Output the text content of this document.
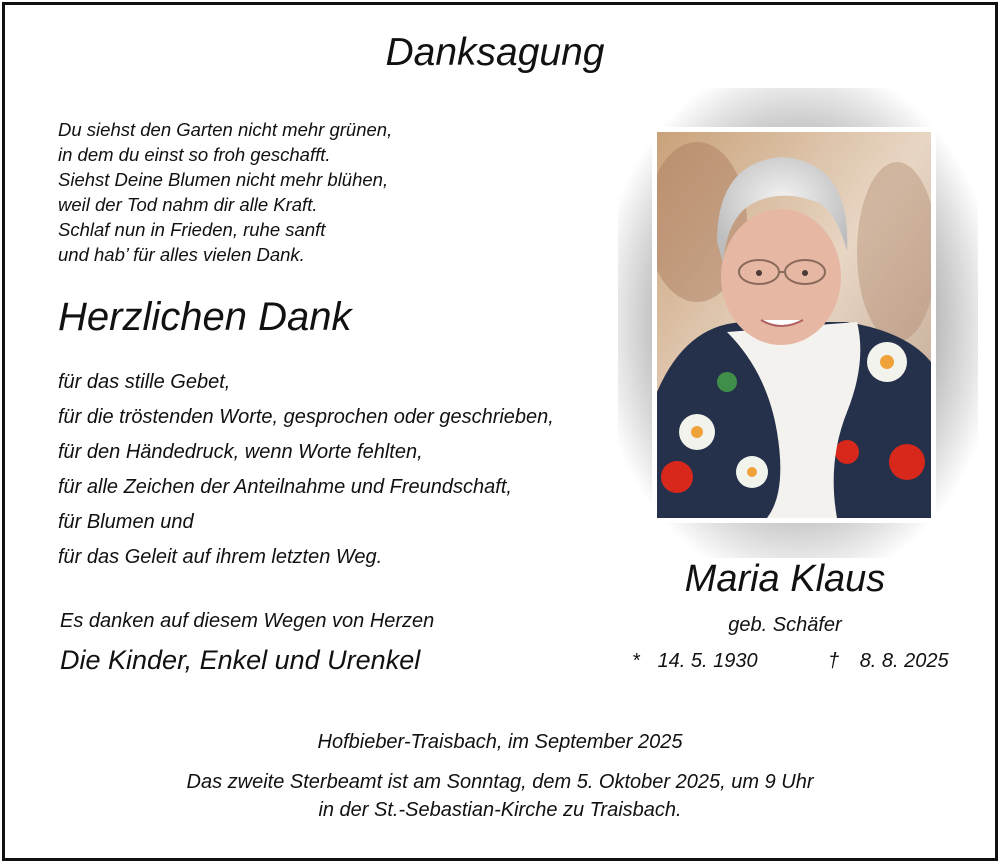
Danksagung
Du siehst den Garten nicht mehr grünen,
in dem du einst so froh geschafft.
Siehst Deine Blumen nicht mehr blühen,
weil der Tod nahm dir alle Kraft.
Schlaf nun in Frieden, ruhe sanft
und hab’ für alles vielen Dank.
Herzlichen Dank
für das stille Gebet,
für die tröstenden Worte, gesprochen oder geschrieben,
für den Händedruck, wenn Worte fehlten,
für alle Zeichen der Anteilnahme und Freundschaft,
für Blumen und
für das Geleit auf ihrem letzten Weg.
Es danken auf diesem Wegen von Herzen
Die Kinder, Enkel und Urenkel
Maria Klaus
geb. Schäfer
* 14. 5. 1930	† 8. 8. 2025
Hofbieber-Traisbach, im September 2025
Das zweite Sterbeamt ist am Sonntag, dem 5. Oktober 2025, um 9 Uhr
in der St.-Sebastian-Kirche zu Traisbach.
